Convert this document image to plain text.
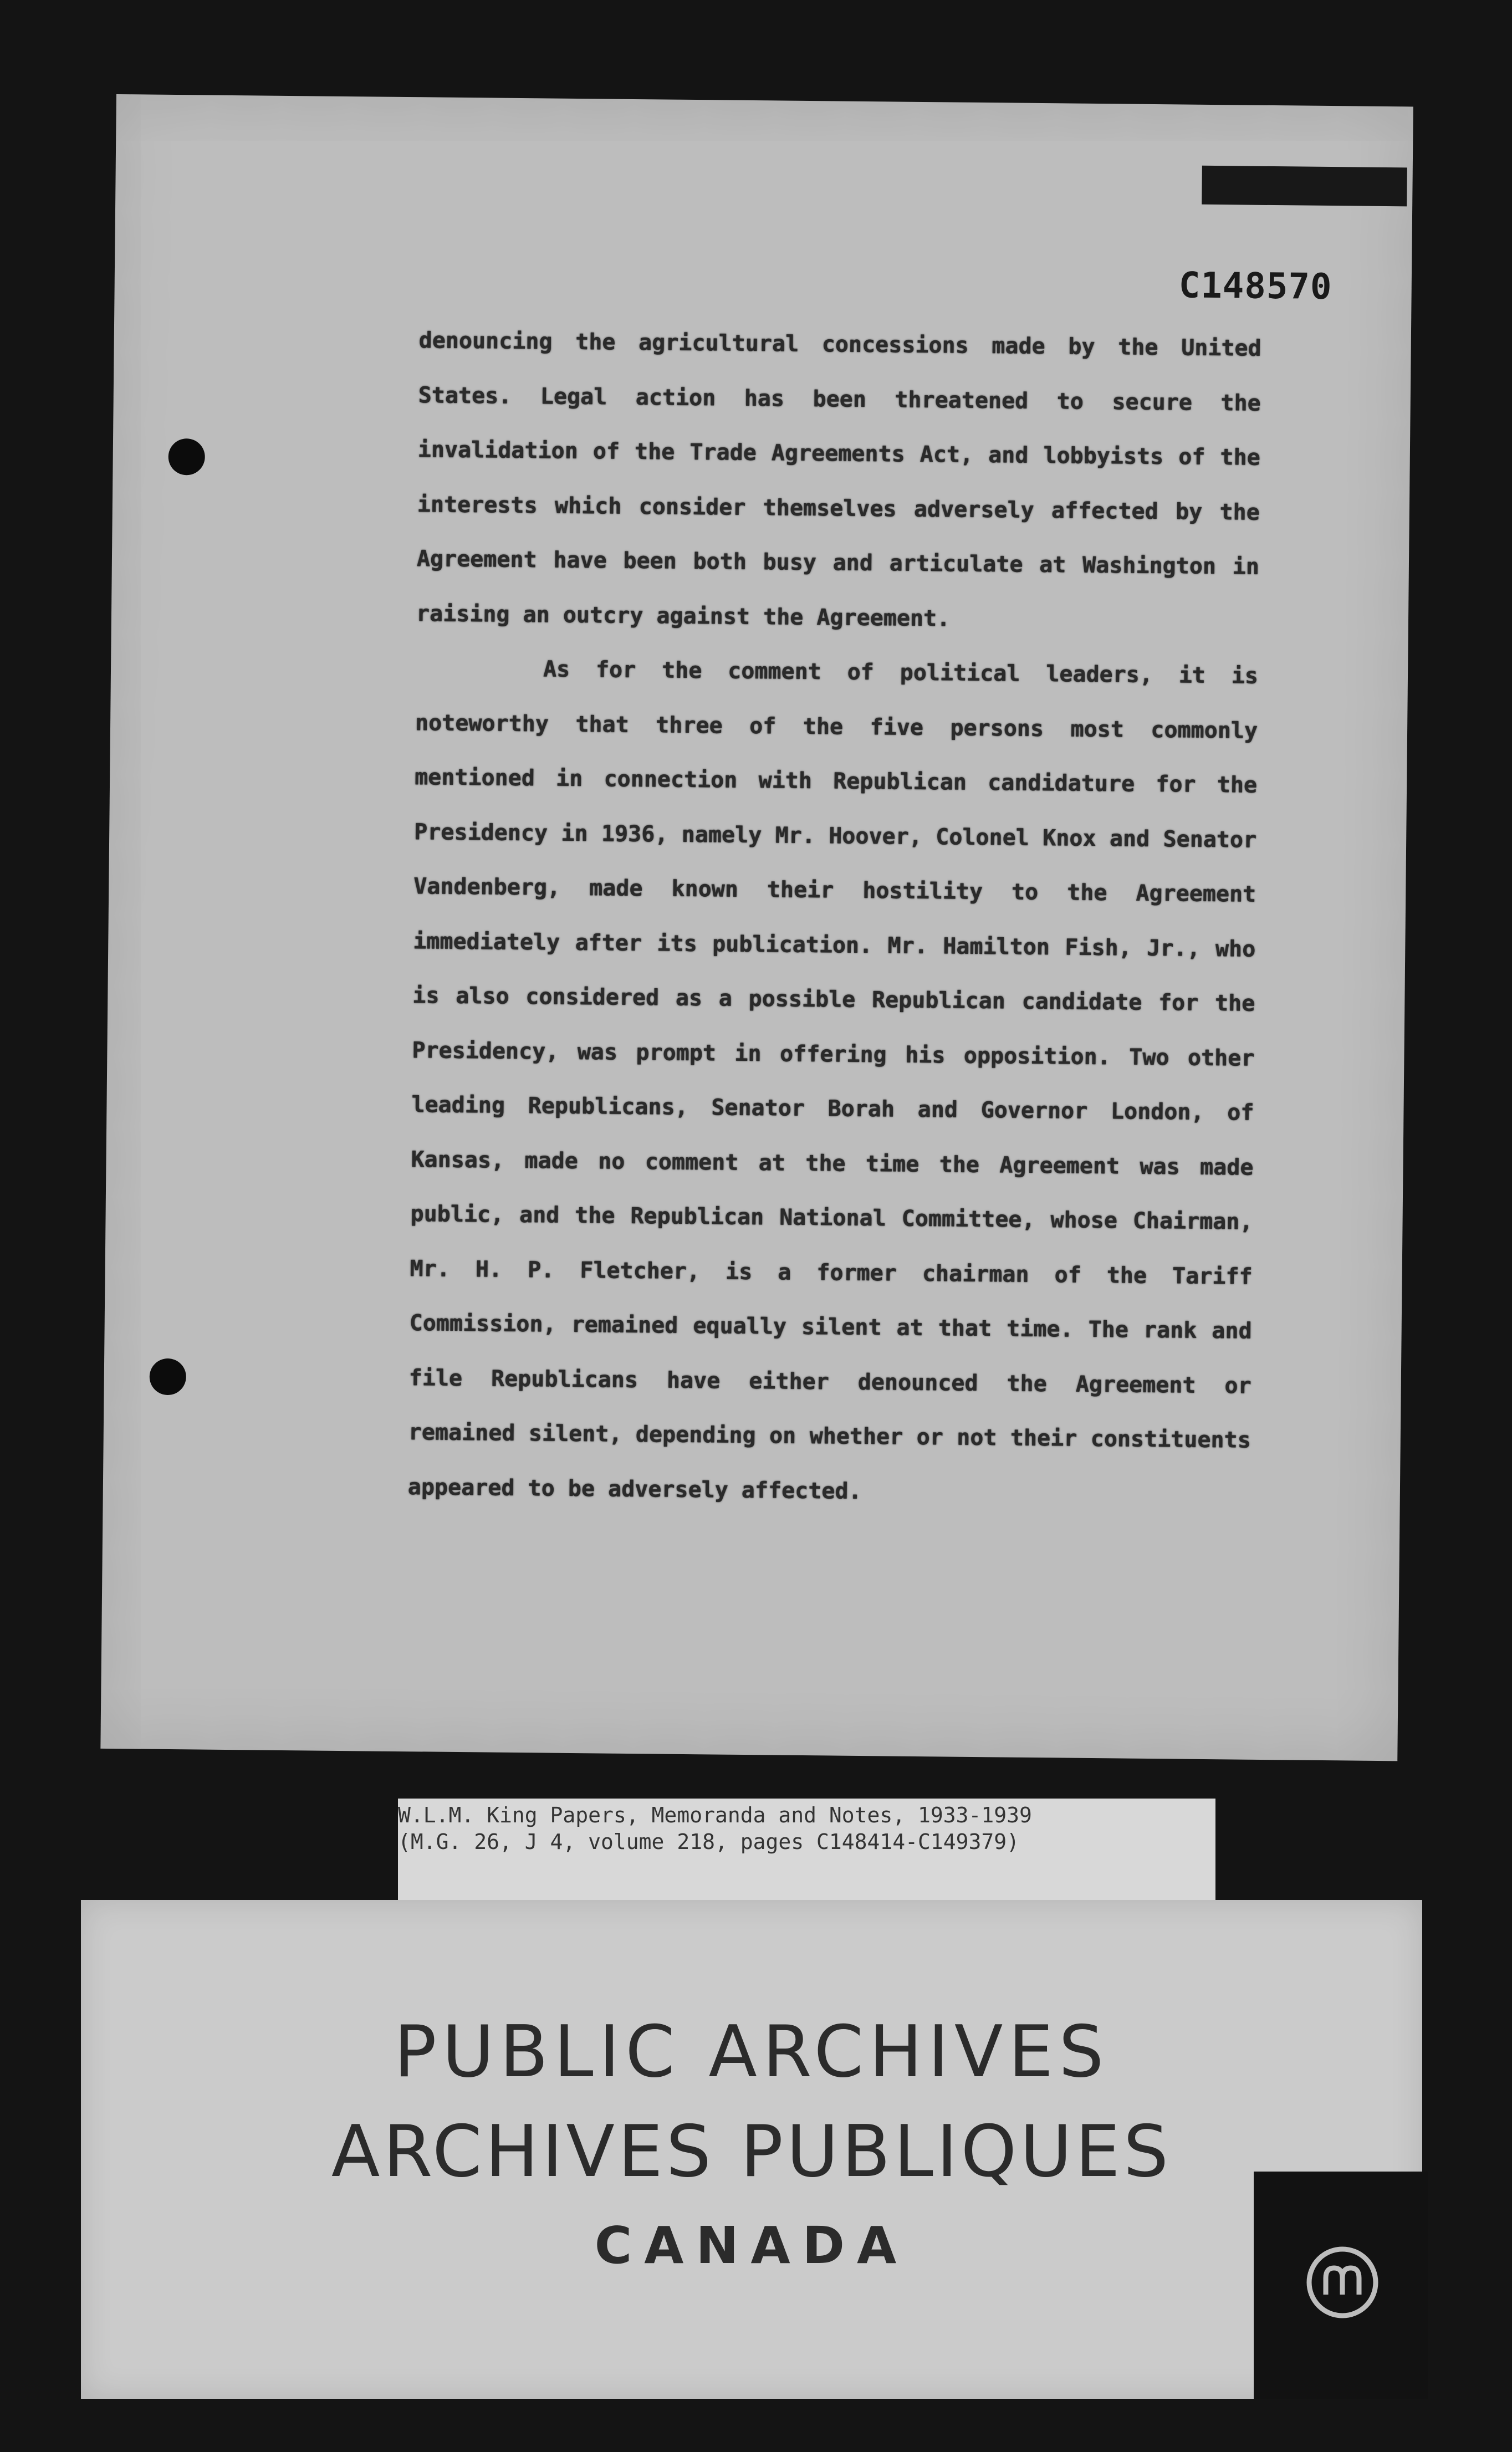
C148570

denouncing the agricultural concessions made by the United States. Legal action has been threatened to secure the invalidation of the Trade Agreements Act, and lobbyists of the interests which consider themselves adversely affected by the Agreement have been both busy and articulate at Washington in raising an outcry against the Agreement.

As for the comment of political leaders, it is noteworthy that three of the five persons most commonly mentioned in connection with Republican candidature for the Presidency in 1936, namely Mr. Hoover, Colonel Knox and Senator Vandenberg, made known their hostility to the Agreement immediately after its publication. Mr. Hamilton Fish, Jr., who is also considered as a possible Republican candidate for the Presidency, was prompt in offering his opposition. Two other leading Republicans, Senator Borah and Governor London, of Kansas, made no comment at the time the Agreement was made public, and the Republican National Committee, whose Chairman, Mr. H. P. Fletcher, is a former chairman of the Tariff Commission, remained equally silent at that time. The rank and file Republicans have either denounced the Agreement or remained silent, depending on whether or not their constituents appeared to be adversely affected.

W.L.M. King Papers, Memoranda and Notes, 1933-1939
(M.G. 26, J 4, volume 218, pages C148414-C149379)
PUBLIC ARCHIVES
ARCHIVES PUBLIQUES
CANADA
